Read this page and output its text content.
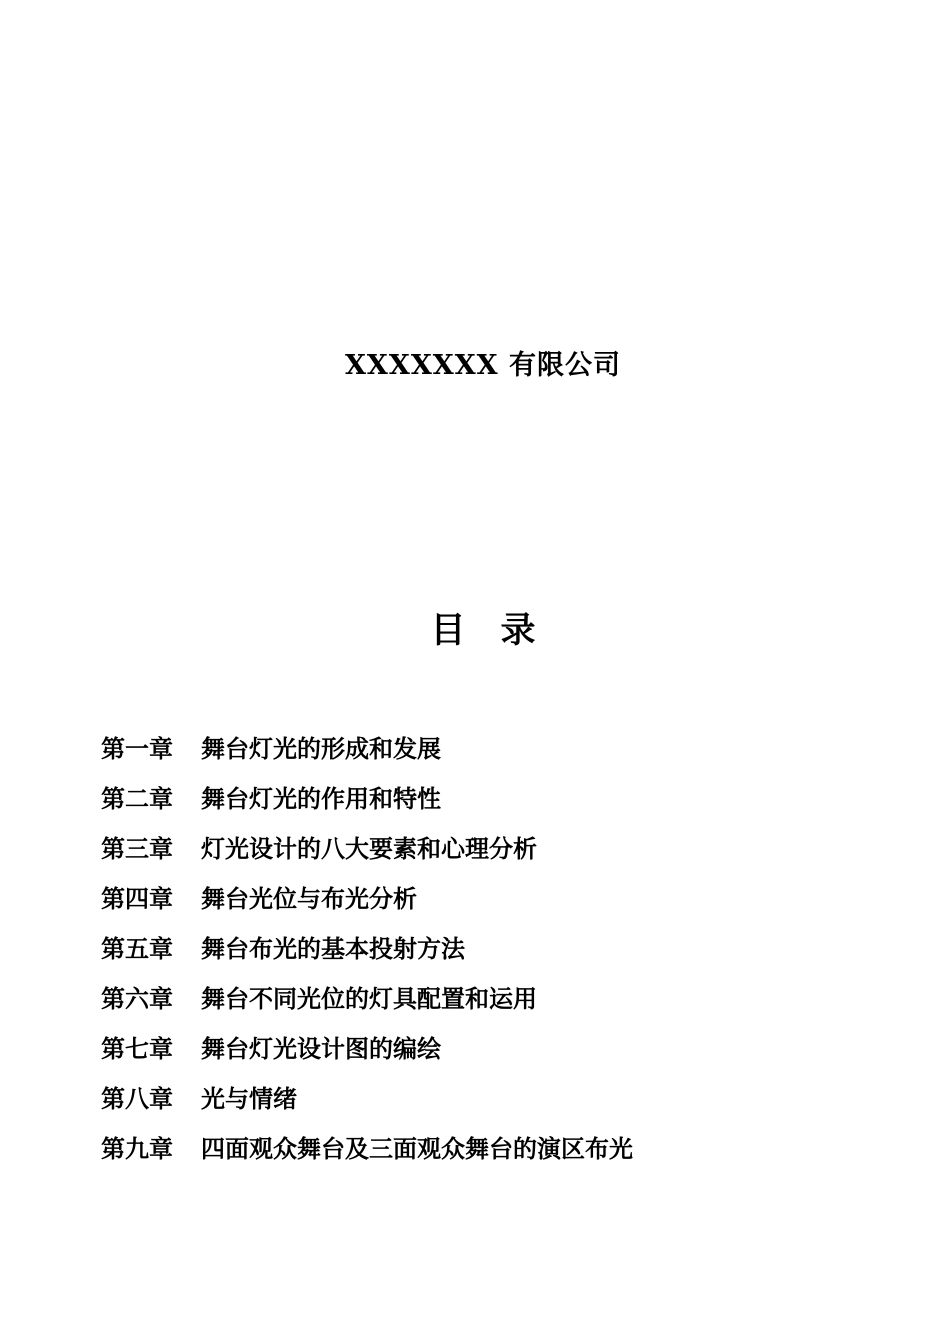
XXXXXXX 有限公司
目　录
第一章 舞台灯光的形成和发展
第二章 舞台灯光的作用和特性
第三章 灯光设计的八大要素和心理分析
第四章 舞台光位与布光分析
第五章 舞台布光的基本投射方法
第六章 舞台不同光位的灯具配置和运用
第七章 舞台灯光设计图的编绘
第八章 光与情绪
第九章 四面观众舞台及三面观众舞台的演区布光
